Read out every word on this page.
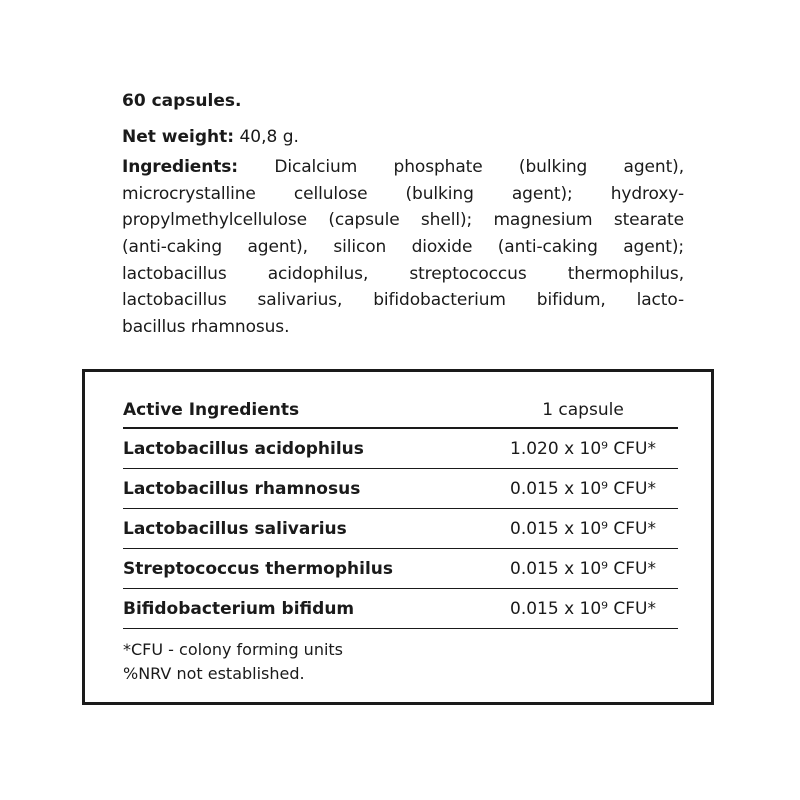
60 capsules.
Net weight: 40,8 g.
Ingredients: Dicalcium phosphate (bulking agent),
microcrystalline cellulose (bulking agent); hydroxy-
propylmethylcellulose (capsule shell); magnesium stearate
(anti-caking agent), silicon dioxide (anti-caking agent);
lactobacillus acidophilus, streptococcus thermophilus,
lactobacillus salivarius, bifidobacterium bifidum, lacto-
bacillus rhamnosus.
Active Ingredients	1 capsule
Lactobacillus acidophilus	1.020 x 10⁹ CFU*
Lactobacillus rhamnosus	0.015 x 10⁹ CFU*
Lactobacillus salivarius	0.015 x 10⁹ CFU*
Streptococcus thermophilus	0.015 x 10⁹ CFU*
Bifidobacterium bifidum	0.015 x 10⁹ CFU*
*CFU - colony forming units
%NRV not established.
